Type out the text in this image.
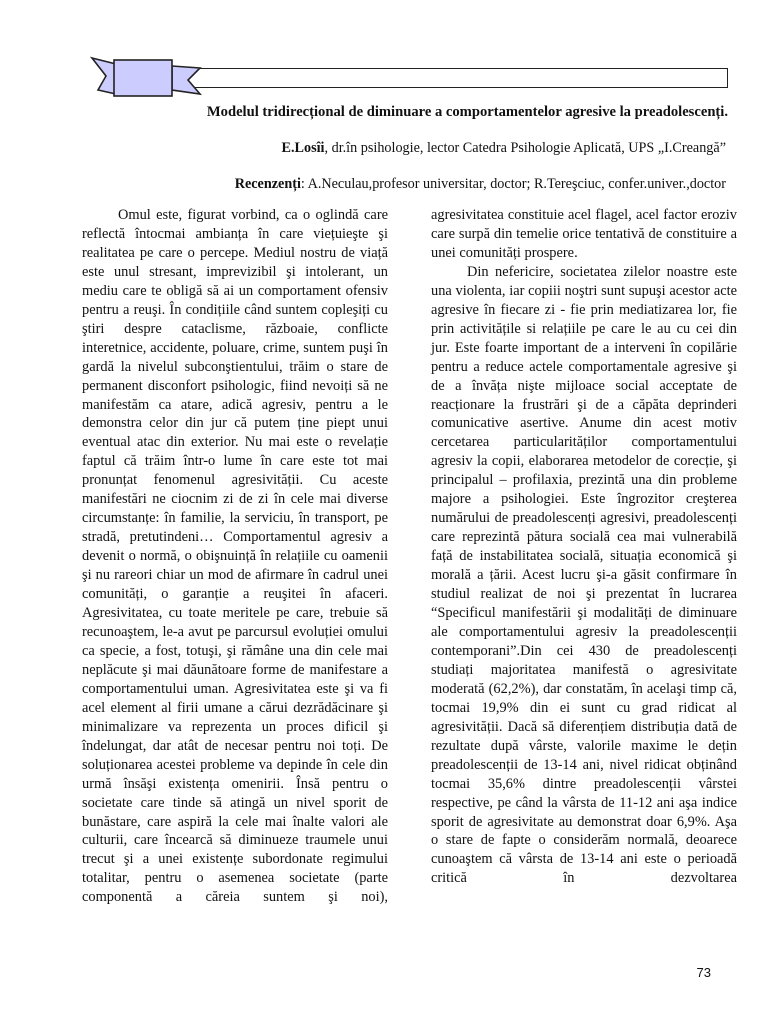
Modelul tridirecțional de diminuare a comportamentelor agresive la preadolescenți.
E.Losîi, dr.în psihologie, lector Catedra Psihologie Aplicată, UPS „I.Creangă”
Recenzenți: A.Neculau,profesor universitar, doctor; R.Tereşciuc, confer.univer.,doctor

Omul este, figurat vorbind, ca o oglindă care reflectă întocmai ambianța în care viețuieşte şi realitatea pe care o percepe. Mediul nostru de viață este unul stresant, imprevizibil şi intolerant, un mediu care te obligă să ai un comportament ofensiv pentru a reuşi. În condițiile când suntem copleşiți cu ştiri despre cataclisme, războaie, conflicte interetnice, accidente, poluare, crime, suntem puşi în gardă la nivelul subconştientului, trăim o stare de permanent disconfort psihologic, fiind nevoiți să ne manifestăm ca atare, adică agresiv, pentru a le demonstra celor din jur că putem ține piept unui eventual atac din exterior. Nu mai este o revelație faptul că trăim într-o lume în care este tot mai pronunțat fenomenul agresivității. Cu aceste manifestări ne ciocnim zi de zi în cele mai diverse circumstanțe: în familie, la serviciu, în transport, pe stradă, pretutindeni… Comportamentul agresiv a devenit o normă, o obişnuință în relațiile cu oamenii şi nu rareori chiar un mod de afirmare în cadrul unei comunități, o garanție a reuşitei în afaceri. Agresivitatea, cu toate meritele pe care, trebuie să recunoaştem, le-a avut pe parcursul evoluției omului ca specie, a fost, totuşi, şi rămâne una din cele mai neplăcute şi mai dăunătoare forme de manifestare a comportamentului uman. Agresivitatea este şi va fi acel element al firii umane a cărui dezrădăcinare şi minimalizare va reprezenta un proces dificil şi îndelungat, dar atât de necesar pentru noi toți. De soluționarea acestei probleme va depinde în cele din urmă însăşi existența omenirii. Însă pentru o societate care tinde să atingă un nivel sporit de bunăstare, care aspiră la cele mai înalte valori ale culturii, care încearcă să diminueze traumele unui trecut şi a unei existențe subordonate regimului totalitar, pentru o asemenea societate (parte componentă a căreia suntem şi noi),

agresivitatea constituie acel flagel, acel factor eroziv care surpă din temelie orice tentativă de constituire a unei comunități prospere.

Din nefericire, societatea zilelor noastre este una violenta, iar copiii noştri sunt supuşi acestor acte agresive în fiecare zi - fie prin mediatizarea lor, fie prin activitățile si relațiile pe care le au cu cei din jur. Este foarte important de a interveni în copilărie pentru a reduce actele comportamentale agresive şi de a învăța nişte mijloace social acceptate de reacționare la frustrări şi de a căpăta deprinderi comunicative asertive. Anume din acest motiv cercetarea particularităților comportamentului agresiv la copii, elaborarea metodelor de corecție, şi principalul – profilaxia, prezintă una din probleme majore a psihologiei. Este îngrozitor creşterea numărului de preadolescenți agresivi, preadolescenți care reprezintă pătura socială cea mai vulnerabilă față de instabilitatea socială, situația economică şi morală a țării. Acest lucru şi-a găsit confirmare în studiul realizat de noi şi prezentat în lucrarea “Specificul manifestării şi modalități de diminuare ale comportamentului agresiv la preadolescenții contemporani”.Din cei 430 de preadolescenți studiați majoritatea manifestă o agresivitate moderată (62,2%), dar constatăm, în acelaşi timp că, tocmai 19,9% din ei sunt cu grad ridicat al agresivității. Dacă să diferențiem distribuția dată de rezultate după vârste, valorile maxime le dețin preadolescenții de 13-14 ani, nivel ridicat obținând tocmai 35,6% dintre preadolescenții vârstei respective, pe când la vârsta de 11-12 ani aşa indice sporit de agresivitate au demonstrat doar 6,9%. Aşa o stare de fapte o considerăm normală, deoarece cunoaştem că vârsta de 13-14 ani este o perioadă critică în dezvoltarea

73
